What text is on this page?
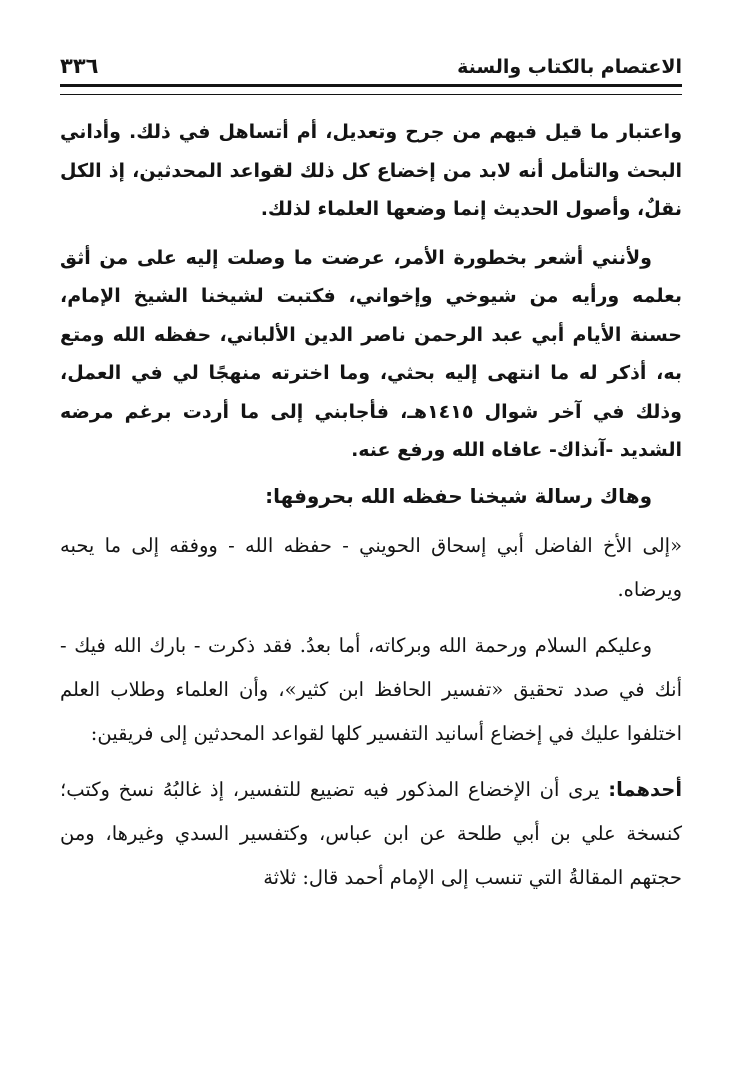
الاعتصام بالكتاب والسنة
٣٣٦

واعتبار ما قيل فيهم من جرح وتعديل، أم أتساهل في ذلك. وأداني البحث والتأمل أنه لابد من إخضاع كل ذلك لقواعد المحدثين، إذ الكل نقلٌ، وأصول الحديث إنما وضعها العلماء لذلك.

ولأنني أشعر بخطورة الأمر، عرضت ما وصلت إليه على من أثق بعلمه ورأيه من شيوخي وإخواني، فكتبت لشيخنا الشيخ الإمام، حسنة الأيام أبي عبد الرحمن ناصر الدين الألباني، حفظه الله ومتع به، أذكر له ما انتهى إليه بحثي، وما اخترته منهجًا لي في العمل، وذلك في آخر شوال ١٤١٥هـ، فأجابني إلى ما أردت برغم مرضه الشديد -آنذاك- عافاه الله ورفع عنه.

وهاك رسالة شيخنا حفظه الله بحروفها:

«إلى الأخ الفاضل أبي إسحاق الحويني - حفظه الله - ووفقه إلى ما يحبه ويرضاه.

وعليكم السلام ورحمة الله وبركاته، أما بعدُ. فقد ذكرت - بارك الله فيك - أنك في صدد تحقيق «تفسير الحافظ ابن كثير»، وأن العلماء وطلاب العلم اختلفوا عليك في إخضاع أسانيد التفسير كلها لقواعد المحدثين إلى فريقين:

أحدهما: يرى أن الإخضاع المذكور فيه تضييع للتفسير، إذ غالبُهُ نسخ وكتب؛ كنسخة علي بن أبي طلحة عن ابن عباس، وكتفسير السدي وغيرها، ومن حجتهم المقالةُ التي تنسب إلى الإمام أحمد قال: ثلاثة
